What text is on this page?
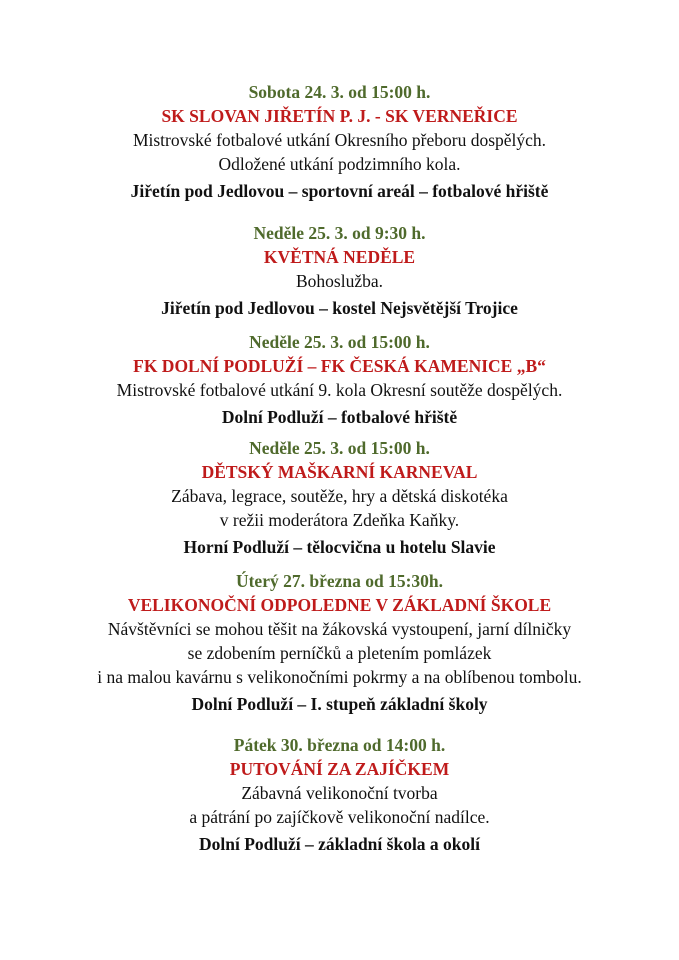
Sobota 24. 3. od 15:00 h.
SK SLOVAN JIŘETÍN P. J. - SK VERNEŘICE
Mistrovské fotbalové utkání Okresního přeboru dospělých.
Odložené utkání podzimního kola.
Jiřetín pod Jedlovou – sportovní areál – fotbalové hřiště
Neděle 25. 3. od 9:30 h.
KVĚTNÁ NEDĚLE
Bohoslužba.
Jiřetín pod Jedlovou – kostel Nejsvětější Trojice
Neděle 25. 3. od 15:00 h.
FK DOLNÍ PODLUŽÍ – FK ČESKÁ KAMENICE „B“
Mistrovské fotbalové utkání 9. kola Okresní soutěže dospělých.
Dolní Podluží – fotbalové hřiště
Neděle 25. 3. od 15:00 h.
DĚTSKÝ MAŠKARNÍ KARNEVAL
Zábava, legrace, soutěže, hry a dětská diskotéka
v režii moderátora Zdeňka Kaňky.
Horní Podluží – tělocvična u hotelu Slavie
Úterý 27. března od 15:30h.
VELIKONOČNÍ ODPOLEDNE V ZÁKLADNÍ ŠKOLE
Návštěvníci se mohou těšit na žákovská vystoupení, jarní dílničky
se zdobením perníčků a pletením pomlázek
i na malou kavárnu s velikonočními pokrmy a na oblíbenou tombolu.
Dolní Podluží – I. stupeň základní školy
Pátek 30. března od 14:00 h.
PUTOVÁNÍ ZA ZAJÍČKEM
Zábavná velikonoční tvorba
a pátrání po zajíčkově velikonoční nadílce.
Dolní Podluží – základní škola a okolí
